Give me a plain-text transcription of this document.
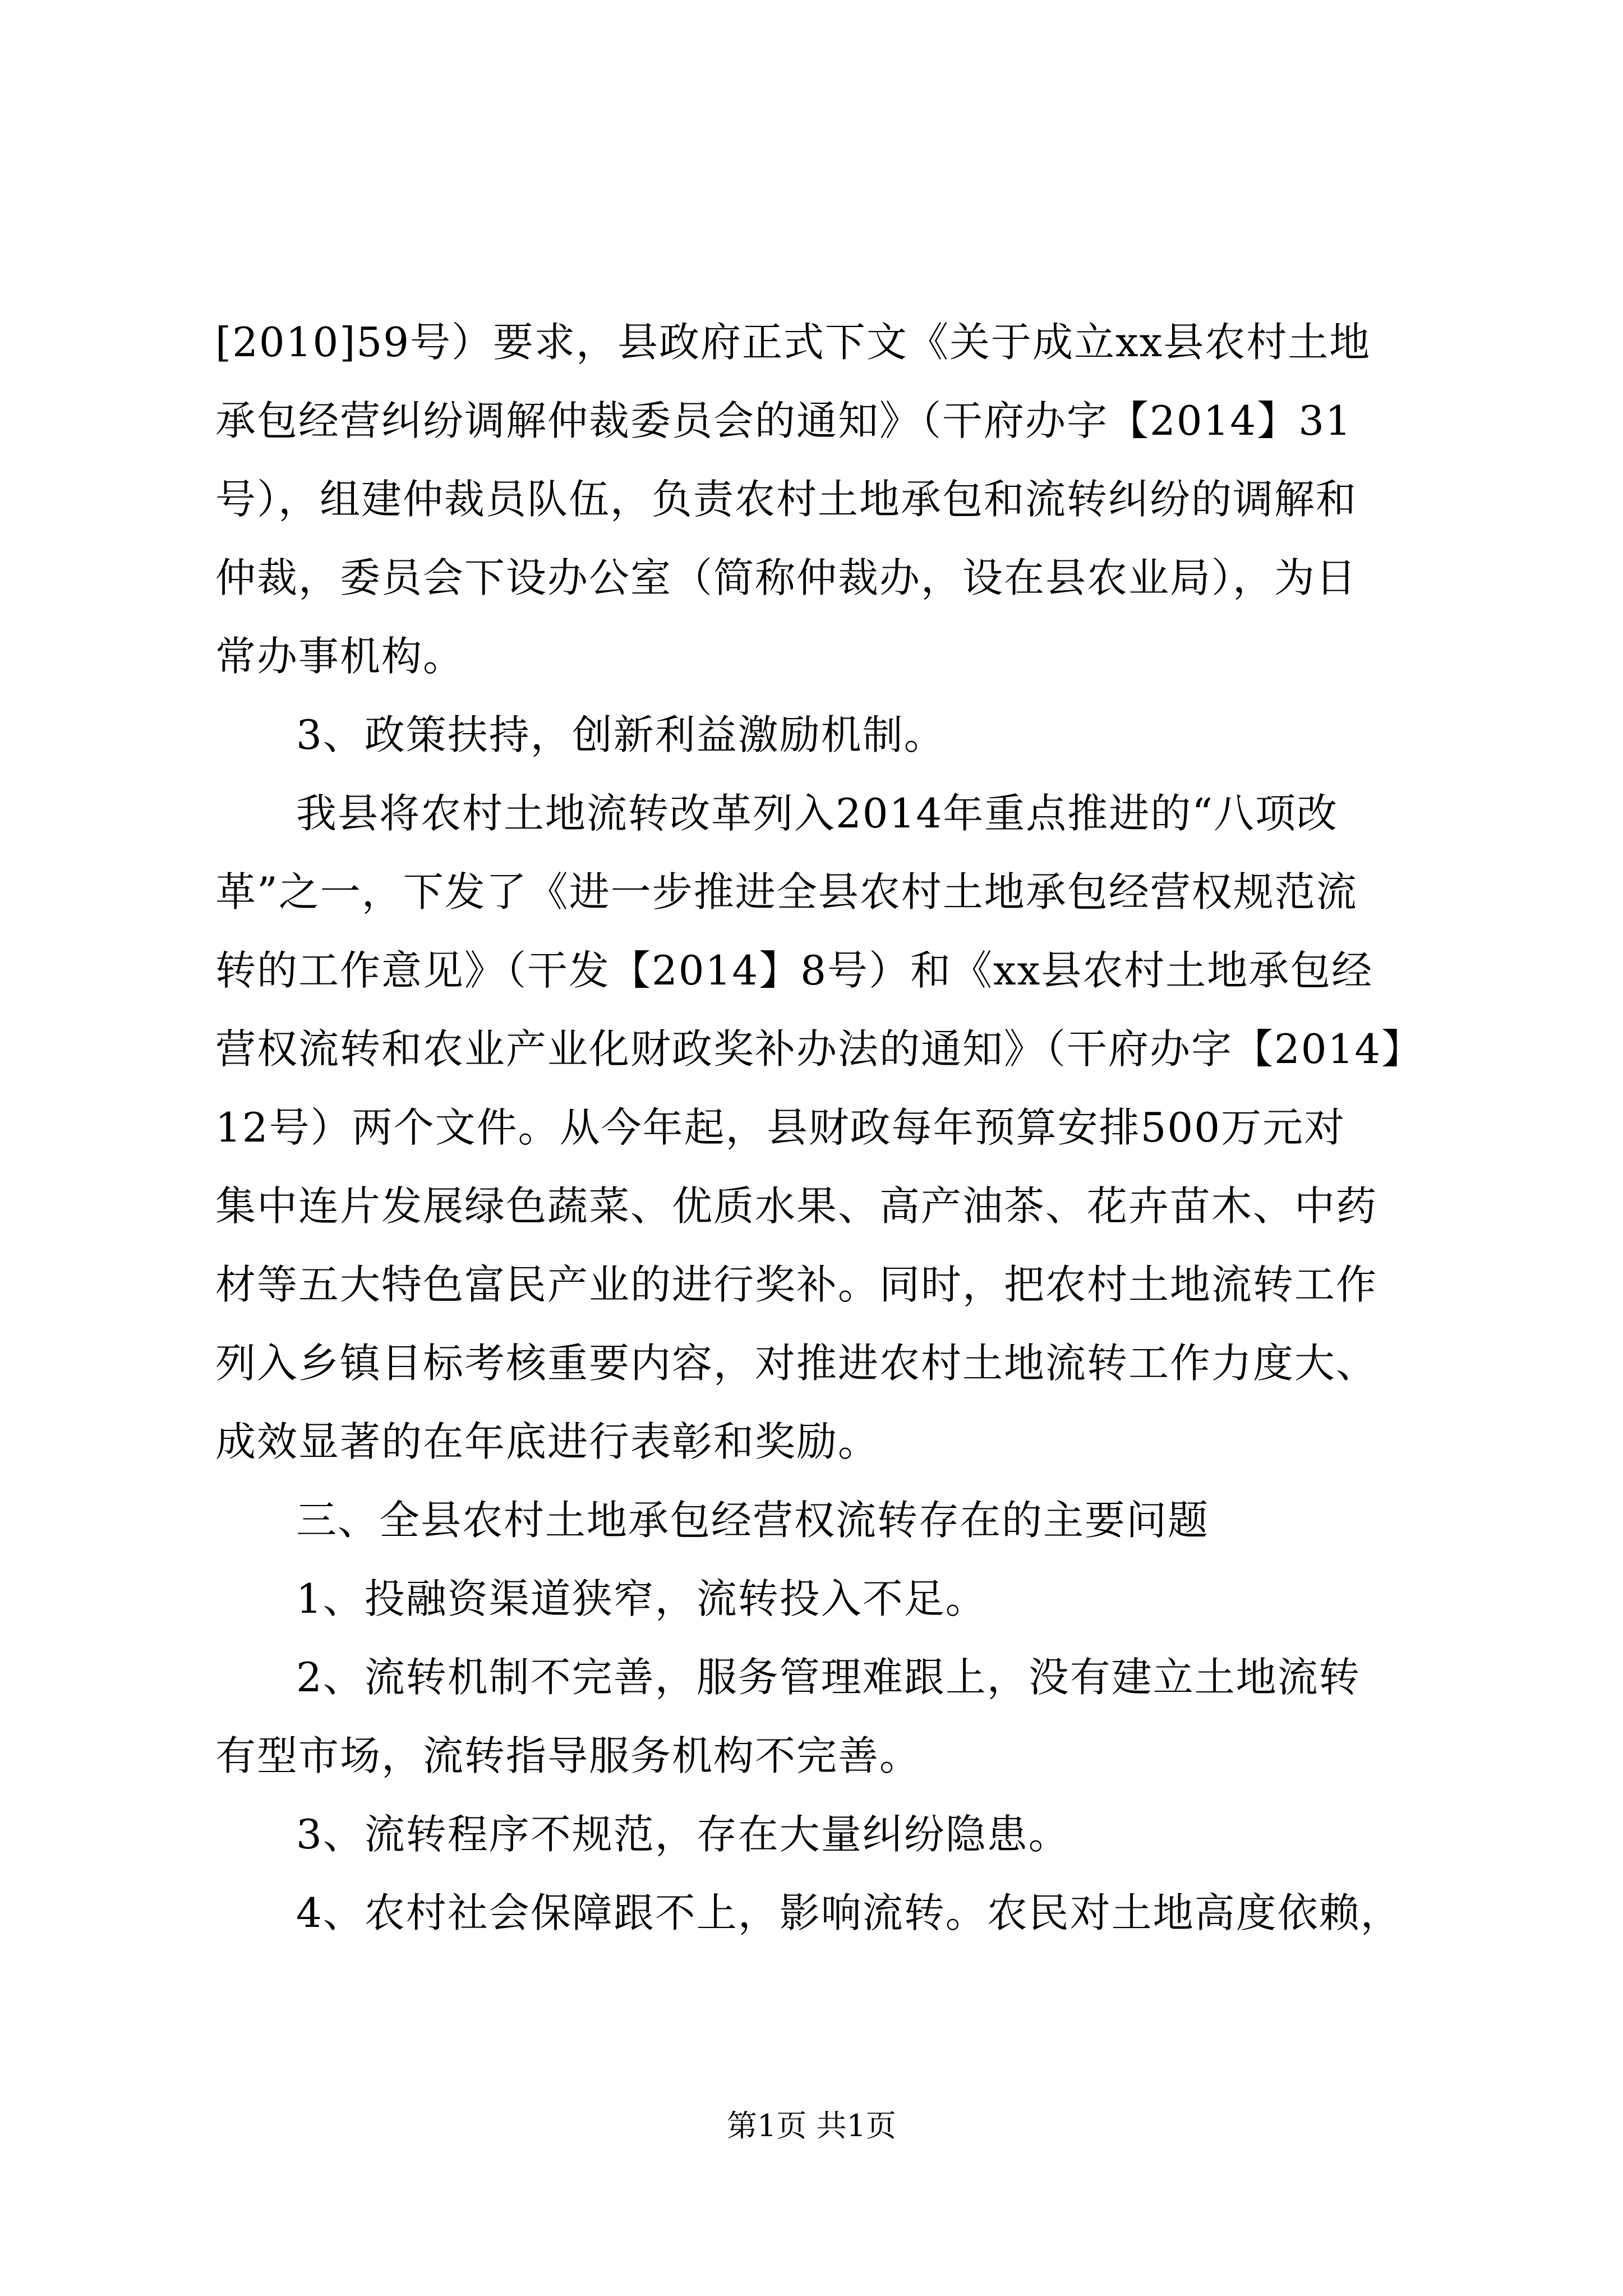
[2010]59号）要求，县政府正式下文《关于成立xx县农村土地
承包经营纠纷调解仲裁委员会的通知》（干府办字【2014】31
号），组建仲裁员队伍，负责农村土地承包和流转纠纷的调解和
仲裁，委员会下设办公室（简称仲裁办，设在县农业局），为日
常办事机构。
3、政策扶持，创新利益激励机制。
我县将农村土地流转改革列入2014年重点推进的“八项改
革”之一，下发了《进一步推进全县农村土地承包经营权规范流
转的工作意见》（干发【2014】8号）和《xx县农村土地承包经
营权流转和农业产业化财政奖补办法的通知》（干府办字【2014】
12号）两个文件。从今年起，县财政每年预算安排500万元对
集中连片发展绿色蔬菜、优质水果、高产油茶、花卉苗木、中药
材等五大特色富民产业的进行奖补。同时，把农村土地流转工作
列入乡镇目标考核重要内容，对推进农村土地流转工作力度大、
成效显著的在年底进行表彰和奖励。
三、全县农村土地承包经营权流转存在的主要问题
1、投融资渠道狭窄，流转投入不足。
2、流转机制不完善，服务管理难跟上，没有建立土地流转
有型市场，流转指导服务机构不完善。
3、流转程序不规范，存在大量纠纷隐患。
4、农村社会保障跟不上，影响流转。农民对土地高度依赖，
第1页 共1页
